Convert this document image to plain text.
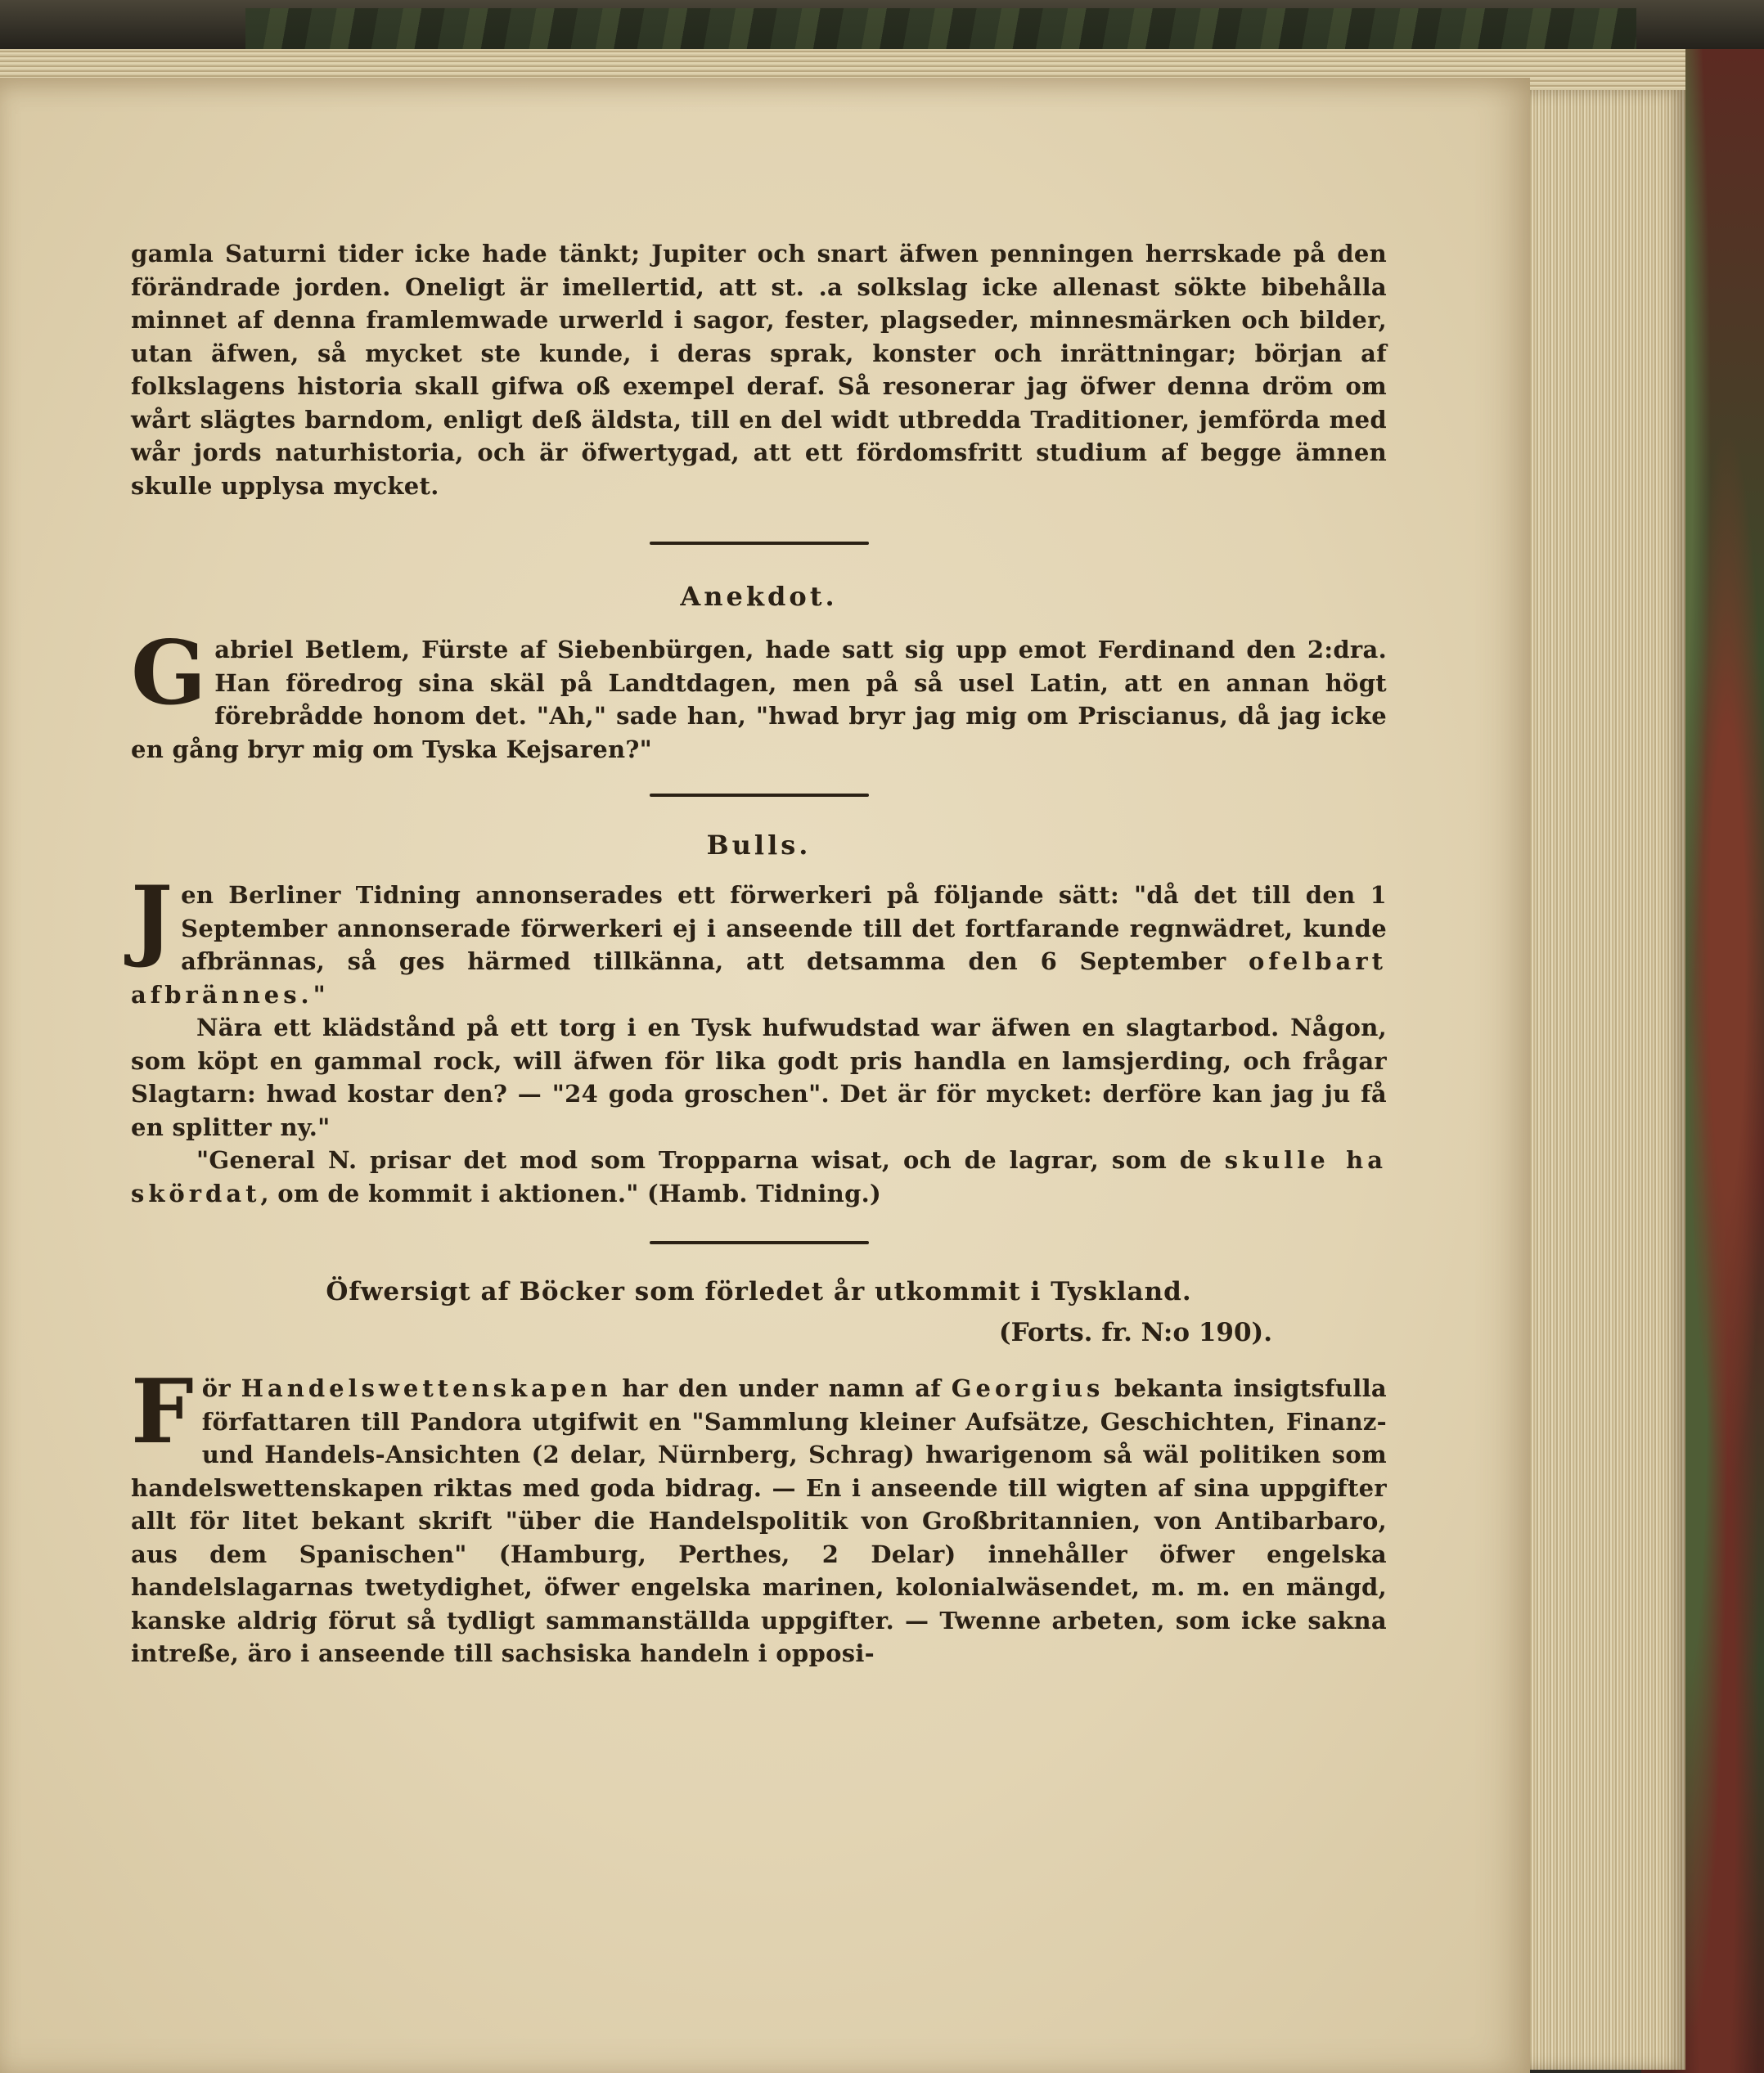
gamla Saturni tider icke hade tänkt; Jupiter och snart äfwen penningen herrskade på den förändrade jorden. Oneligt är imellertid, att st. .a solkslag icke allenast sökte bibehålla minnet af denna framlemwade urwerld i sagor, fester, plagseder, minnesmärken och bilder, utan äfwen, så mycket ste kunde, i deras sprak, konster och inrättningar; början af folkslagens historia skall gifwa oß exempel deraf. Så resonerar jag öfwer denna dröm om wårt slägtes barndom, enligt deß äldsta, till en del widt utbredda Traditioner, jemförda med wår jords naturhistoria, och är öfwertygad, att ett fördomsfritt studium af begge ämnen skulle upplysa mycket.

Anekdot.

G abriel Betlem, Fürste af Siebenbürgen, hade satt sig upp emot Ferdinand den 2:dra. Han föredrog sina skäl på Landtdagen, men på så usel Latin, att en annan högt förebrådde honom det. "Ah," sade han, "hwad bryr jag mig om Priscianus, då jag icke en gång bryr mig om Tyska Kejsaren?"

Bulls.

J en Berliner Tidning annonserades ett förwerkeri på följande sätt: "då det till den 1 September annonserade förwerkeri ej i anseende till det fortfarande regnwädret, kunde afbrännas, så ges härmed tillkänna, att detsamma den 6 September ofelbart afbrännes."

Nära ett klädstånd på ett torg i en Tysk hufwudstad war äfwen en slagtarbod. Någon, som köpt en gammal rock, will äfwen för lika godt pris handla en lamsjerding, och frågar Slagtarn: hwad kostar den? — "24 goda groschen". Det är för mycket: derföre kan jag ju få en splitter ny."

"General N. prisar det mod som Tropparna wisat, och de lagrar, som de skulle ha skördat, om de kommit i aktionen." (Hamb. Tidning.)

Öfwersigt af Böcker som förledet år utkommit i Tyskland.

(Forts. fr. N:o 190).

F ör Handelswettenskapen har den under namn af Georgius bekanta insigtsfulla författaren till Pandora utgifwit en "Sammlung kleiner Aufsätze, Geschichten, Finanz- und Handels-Ansichten (2 delar, Nürnberg, Schrag) hwarigenom så wäl politiken som handelswettenskapen riktas med goda bidrag. — En i anseende till wigten af sina uppgifter allt för litet bekant skrift "über die Handelspolitik von Großbritannien, von Antibarbaro, aus dem Spanischen" (Hamburg, Perthes, 2 Delar) innehåller öfwer engelska handelslagarnas twetydighet, öfwer engelska marinen, kolonialwäsendet, m. m. en mängd, kanske aldrig förut så tydligt sammanställda uppgifter. — Twenne arbeten, som icke sakna intreße, äro i anseende till sachsiska handeln i opposi-
